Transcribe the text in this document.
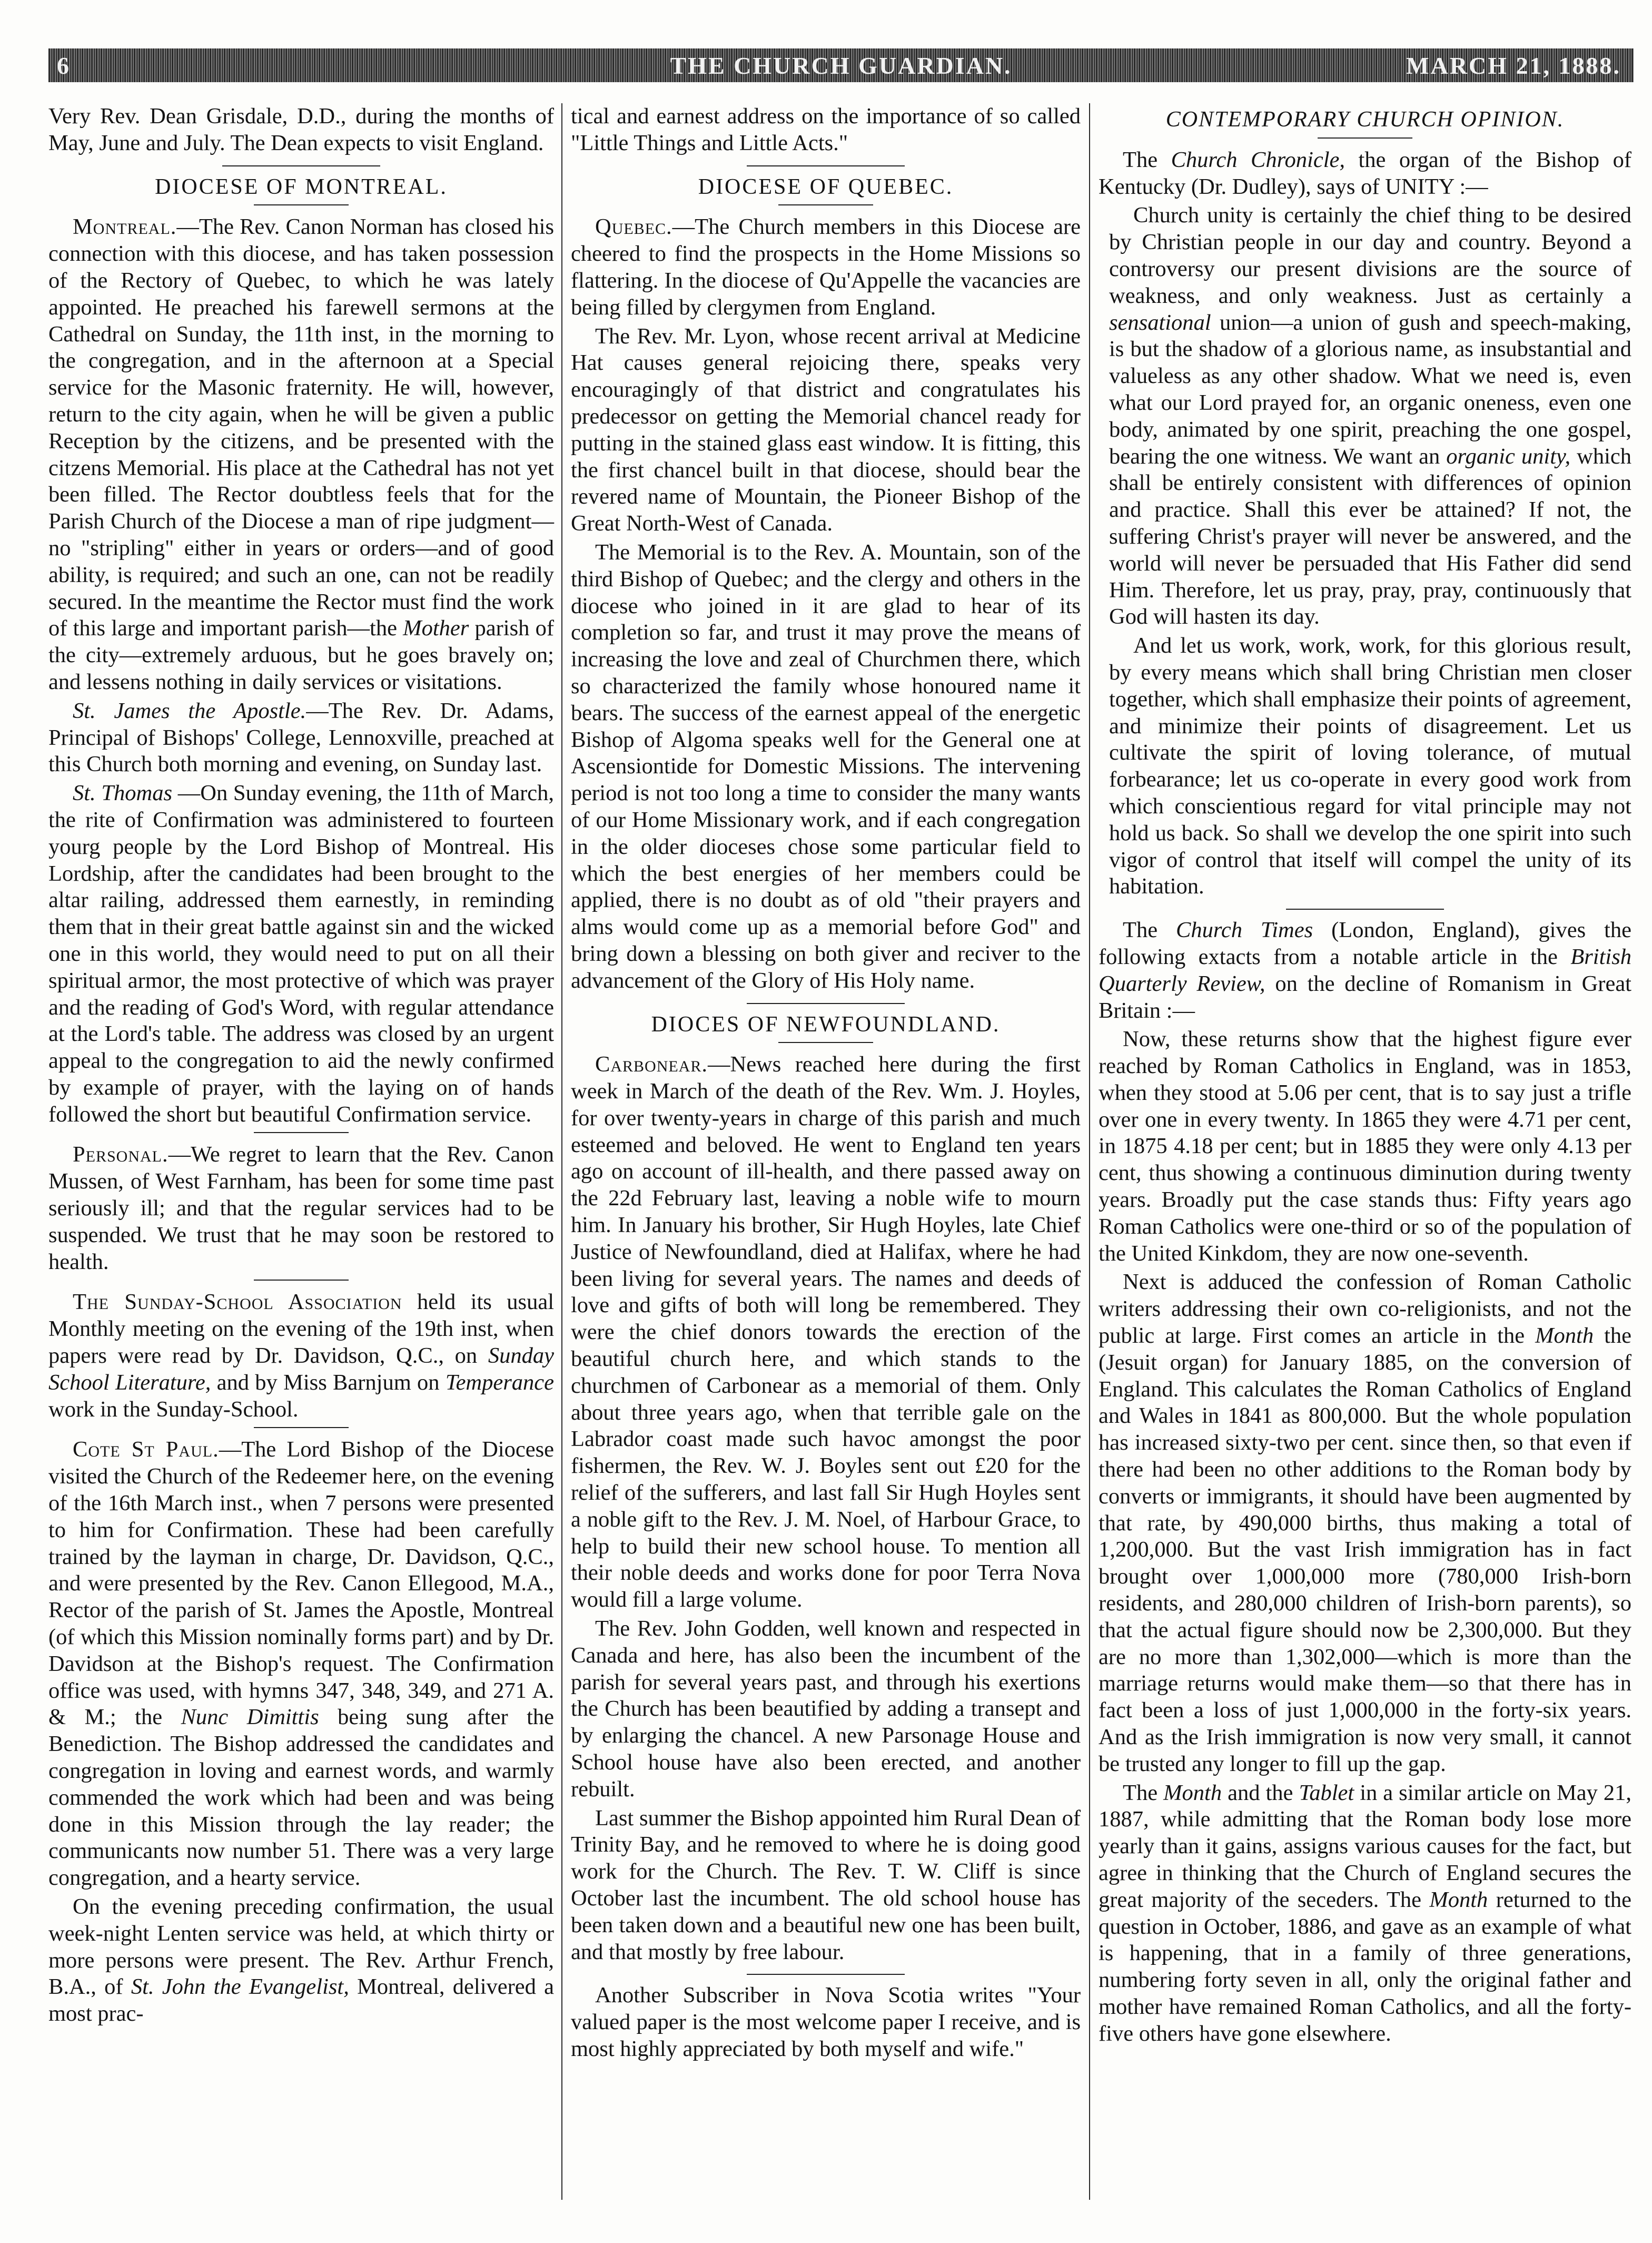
6	THE CHURCH GUARDIAN.	MARCH 21, 1888.

Very Rev. Dean Grisdale, D.D., during the months of May, June and July. The Dean expects to visit England.

DIOCESE OF MONTREAL.

Montreal.—The Rev. Canon Norman has closed his connection with this diocese, and has taken possession of the Rectory of Quebec, to which he was lately appointed. He preached his farewell sermons at the Cathedral on Sunday, the 11th inst, in the morning to the congregation, and in the afternoon at a Special service for the Masonic fraternity. He will, however, return to the city again, when he will be given a public Reception by the citizens, and be presented with the citzens Memorial. His place at the Cathedral has not yet been filled. The Rector doubtless feels that for the Parish Church of the Diocese a man of ripe judgment—no "stripling" either in years or orders—and of good ability, is required; and such an one, can not be readily secured. In the meantime the Rector must find the work of this large and important parish—the Mother parish of the city—extremely arduous, but he goes bravely on; and lessens nothing in daily services or visitations.

St. James the Apostle.—The Rev. Dr. Adams, Principal of Bishops' College, Lennoxville, preached at this Church both morning and evening, on Sunday last.

St. Thomas —On Sunday evening, the 11th of March, the rite of Confirmation was administered to fourteen yourg people by the Lord Bishop of Montreal. His Lordship, after the candidates had been brought to the altar railing, addressed them earnestly, in reminding them that in their great battle against sin and the wicked one in this world, they would need to put on all their spiritual armor, the most protective of which was prayer and the reading of God's Word, with regular attendance at the Lord's table. The address was closed by an urgent appeal to the congregation to aid the newly confirmed by example of prayer, with the laying on of hands followed the short but beautiful Confirmation service.

Personal.—We regret to learn that the Rev. Canon Mussen, of West Farnham, has been for some time past seriously ill; and that the regular services had to be suspended. We trust that he may soon be restored to health.

The Sunday-School Association held its usual Monthly meeting on the evening of the 19th inst, when papers were read by Dr. Davidson, Q.C., on Sunday School Literature, and by Miss Barnjum on Temperance work in the Sunday-School.

Cote St Paul.—The Lord Bishop of the Diocese visited the Church of the Redeemer here, on the evening of the 16th March inst., when 7 persons were presented to him for Confirmation. These had been carefully trained by the layman in charge, Dr. Davidson, Q.C., and were presented by the Rev. Canon Ellegood, M.A., Rector of the parish of St. James the Apostle, Montreal (of which this Mission nominally forms part) and by Dr. Davidson at the Bishop's request. The Confirmation office was used, with hymns 347, 348, 349, and 271 A. & M.; the Nunc Dimittis being sung after the Benediction. The Bishop addressed the candidates and congregation in loving and earnest words, and warmly commended the work which had been and was being done in this Mission through the lay reader; the communicants now number 51. There was a very large congregation, and a hearty service.

On the evening preceding confirmation, the usual week-night Lenten service was held, at which thirty or more persons were present. The Rev. Arthur French, B.A., of St. John the Evangelist, Montreal, delivered a most prac-

tical and earnest address on the importance of so called "Little Things and Little Acts."

DIOCESE OF QUEBEC.

Quebec.—The Church members in this Diocese are cheered to find the prospects in the Home Missions so flattering. In the diocese of Qu'Appelle the vacancies are being filled by clergymen from England.

The Rev. Mr. Lyon, whose recent arrival at Medicine Hat causes general rejoicing there, speaks very encouragingly of that district and congratulates his predecessor on getting the Memorial chancel ready for putting in the stained glass east window. It is fitting, this the first chancel built in that diocese, should bear the revered name of Mountain, the Pioneer Bishop of the Great North-West of Canada.

The Memorial is to the Rev. A. Mountain, son of the third Bishop of Quebec; and the clergy and others in the diocese who joined in it are glad to hear of its completion so far, and trust it may prove the means of increasing the love and zeal of Churchmen there, which so characterized the family whose honoured name it bears. The success of the earnest appeal of the energetic Bishop of Algoma speaks well for the General one at Ascensiontide for Domestic Missions. The intervening period is not too long a time to consider the many wants of our Home Missionary work, and if each congregation in the older dioceses chose some particular field to which the best energies of her members could be applied, there is no doubt as of old "their prayers and alms would come up as a memorial before God" and bring down a blessing on both giver and reciver to the advancement of the Glory of His Holy name.

DIOCES OF NEWFOUNDLAND.

Carbonear.—News reached here during the first week in March of the death of the Rev. Wm. J. Hoyles, for over twenty-years in charge of this parish and much esteemed and beloved. He went to England ten years ago on account of ill-health, and there passed away on the 22d February last, leaving a noble wife to mourn him. In January his brother, Sir Hugh Hoyles, late Chief Justice of Newfoundland, died at Halifax, where he had been living for several years. The names and deeds of love and gifts of both will long be remembered. They were the chief donors towards the erection of the beautiful church here, and which stands to the churchmen of Carbonear as a memorial of them. Only about three years ago, when that terrible gale on the Labrador coast made such havoc amongst the poor fishermen, the Rev. W. J. Boyles sent out £20 for the relief of the sufferers, and last fall Sir Hugh Hoyles sent a noble gift to the Rev. J. M. Noel, of Harbour Grace, to help to build their new school house. To mention all their noble deeds and works done for poor Terra Nova would fill a large volume.

The Rev. John Godden, well known and respected in Canada and here, has also been the incumbent of the parish for several years past, and through his exertions the Church has been beautified by adding a transept and by enlarging the chancel. A new Parsonage House and School house have also been erected, and another rebuilt.

Last summer the Bishop appointed him Rural Dean of Trinity Bay, and he removed to where he is doing good work for the Church. The Rev. T. W. Cliff is since October last the incumbent. The old school house has been taken down and a beautiful new one has been built, and that mostly by free labour.

Another Subscriber in Nova Scotia writes "Your valued paper is the most welcome paper I receive, and is most highly appreciated by both myself and wife."

CONTEMPORARY CHURCH OPINION.

The Church Chronicle, the organ of the Bishop of Kentucky (Dr. Dudley), says of UNITY :—

Church unity is certainly the chief thing to be desired by Christian people in our day and country. Beyond a controversy our present divisions are the source of weakness, and only weakness. Just as certainly a sensational union—a union of gush and speech-making, is but the shadow of a glorious name, as insubstantial and valueless as any other shadow. What we need is, even what our Lord prayed for, an organic oneness, even one body, animated by one spirit, preaching the one gospel, bearing the one witness. We want an organic unity, which shall be entirely consistent with differences of opinion and practice. Shall this ever be attained? If not, the suffering Christ's prayer will never be answered, and the world will never be persuaded that His Father did send Him. Therefore, let us pray, pray, pray, continuously that God will hasten its day.

And let us work, work, work, for this glorious result, by every means which shall bring Christian men closer together, which shall emphasize their points of agreement, and minimize their points of disagreement. Let us cultivate the spirit of loving tolerance, of mutual forbearance; let us co-operate in every good work from which conscientious regard for vital principle may not hold us back. So shall we develop the one spirit into such vigor of control that itself will compel the unity of its habitation.

The Church Times (London, England), gives the following extacts from a notable article in the British Quarterly Review, on the decline of Romanism in Great Britain :—

Now, these returns show that the highest figure ever reached by Roman Catholics in England, was in 1853, when they stood at 5.06 per cent, that is to say just a trifle over one in every twenty. In 1865 they were 4.71 per cent, in 1875 4.18 per cent; but in 1885 they were only 4.13 per cent, thus showing a continuous diminution during twenty years. Broadly put the case stands thus: Fifty years ago Roman Catholics were one-third or so of the population of the United Kinkdom, they are now one-seventh.

Next is adduced the confession of Roman Catholic writers addressing their own co-religionists, and not the public at large. First comes an article in the Month the (Jesuit organ) for January 1885, on the conversion of England. This calculates the Roman Catholics of England and Wales in 1841 as 800,000. But the whole population has increased sixty-two per cent. since then, so that even if there had been no other additions to the Roman body by converts or immigrants, it should have been augmented by that rate, by 490,000 births, thus making a total of 1,200,000. But the vast Irish immigration has in fact brought over 1,000,000 more (780,000 Irish-born residents, and 280,000 children of Irish-born parents), so that the actual figure should now be 2,300,000. But they are no more than 1,302,000—which is more than the marriage returns would make them—so that there has in fact been a loss of just 1,000,000 in the forty-six years. And as the Irish immigration is now very small, it cannot be trusted any longer to fill up the gap.

The Month and the Tablet in a similar article on May 21, 1887, while admitting that the Roman body lose more yearly than it gains, assigns various causes for the fact, but agree in thinking that the Church of England secures the great majority of the seceders. The Month returned to the question in October, 1886, and gave as an example of what is happening, that in a family of three generations, numbering forty seven in all, only the original father and mother have remained Roman Catholics, and all the forty-five others have gone elsewhere.
